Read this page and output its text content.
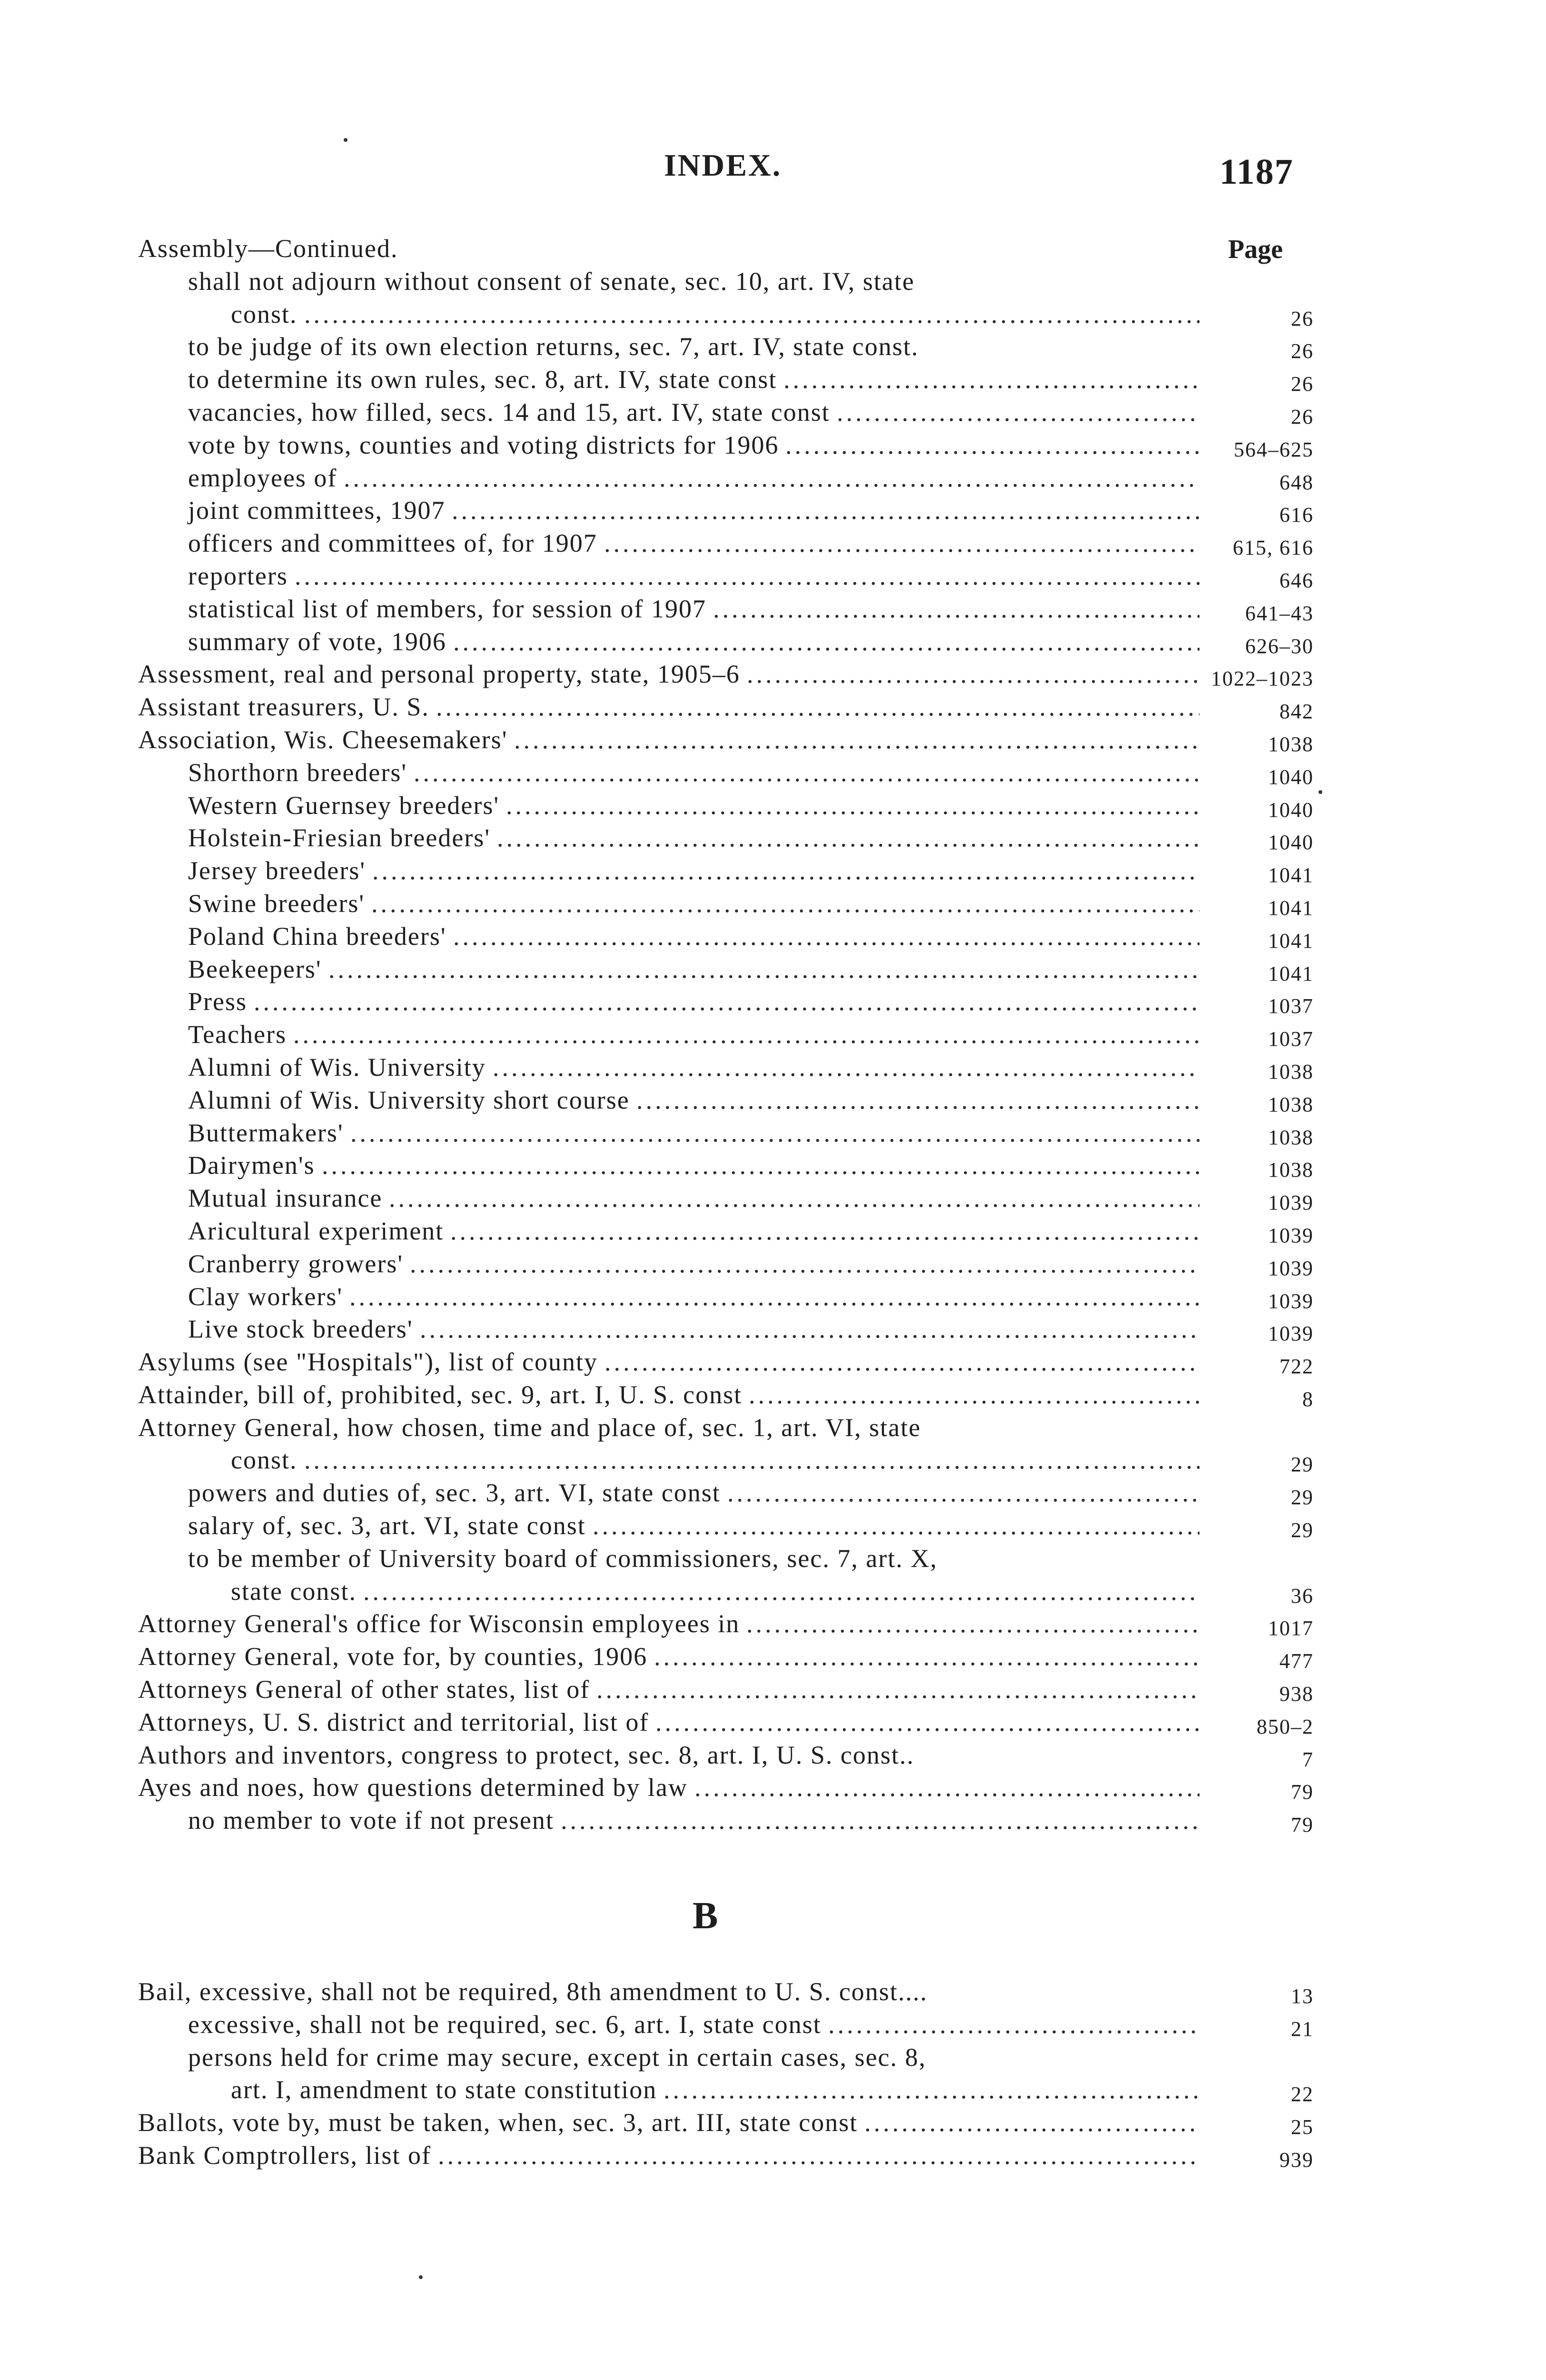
INDEX.	1187
Page
Assembly—Continued.
shall not adjourn without consent of senate, sec. 10, art. IV, state
const. .....	26
to be judge of its own election returns, sec. 7, art. IV, state const.	26
to determine its own rules, sec. 8, art. IV, state const .....	26
vacancies, how filled, secs. 14 and 15, art. IV, state const .....	26
vote by towns, counties and voting districts for 1906 .....	564–625
employees of .....	648
joint committees, 1907 .....	616
officers and committees of, for 1907 .....	615, 616
reporters .....	646
statistical list of members, for session of 1907 .....	641–43
summary of vote, 1906 .....	626–30
Assessment, real and personal property, state, 1905–6 .....	1022–1023
Assistant treasurers, U. S. .....	842
Association, Wis. Cheesemakers' .....	1038
Shorthorn breeders' .....	1040
Western Guernsey breeders' .....	1040
Holstein-Friesian breeders' .....	1040
Jersey breeders' .....	1041
Swine breeders' .....	1041
Poland China breeders' .....	1041
Beekeepers' .....	1041
Press .....	1037
Teachers .....	1037
Alumni of Wis. University .....	1038
Alumni of Wis. University short course .....	1038
Buttermakers' .....	1038
Dairymen's .....	1038
Mutual insurance .....	1039
Aricultural experiment .....	1039
Cranberry growers' .....	1039
Clay workers' .....	1039
Live stock breeders' .....	1039
Asylums (see "Hospitals"), list of county .....	722
Attainder, bill of, prohibited, sec. 9, art. I, U. S. const .....	8
Attorney General, how chosen, time and place of, sec. 1, art. VI, state
const. .....	29
powers and duties of, sec. 3, art. VI, state const .....	29
salary of, sec. 3, art. VI, state const .....	29
to be member of University board of commissioners, sec. 7, art. X,
state const. .....	36
Attorney General's office for Wisconsin employees in .....	1017
Attorney General, vote for, by counties, 1906 .....	477
Attorneys General of other states, list of .....	938
Attorneys, U. S. district and territorial, list of .....	850–2
Authors and inventors, congress to protect, sec. 8, art. I, U. S. const..	7
Ayes and noes, how questions determined by law .....	79
no member to vote if not present .....	79
B
Bail, excessive, shall not be required, 8th amendment to U. S. const....	13
excessive, shall not be required, sec. 6, art. I, state const .....	21
persons held for crime may secure, except in certain cases, sec. 8,
art. I, amendment to state constitution .....	22
Ballots, vote by, must be taken, when, sec. 3, art. III, state const .....	25
Bank Comptrollers, list of .....	939
